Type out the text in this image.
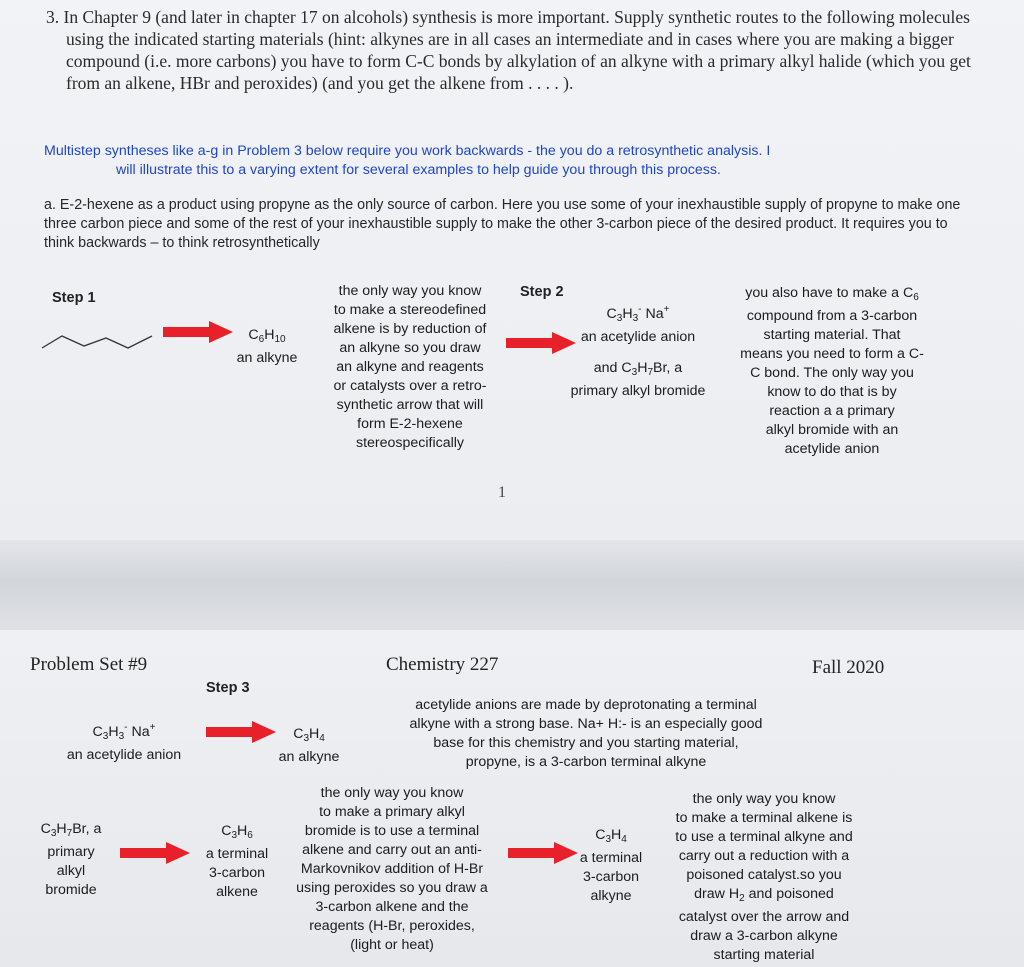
3. In Chapter 9 (and later in chapter 17 on alcohols) synthesis is more important. Supply synthetic routes to the following molecules using the indicated starting materials (hint: alkynes are in all cases an intermediate and in cases where you are making a bigger compound (i.e. more carbons) you have to form C-C bonds by alkylation of an alkyne with a primary alkyl halide (which you get from an alkene, HBr and peroxides) (and you get the alkene from . . . . ).
Multistep syntheses like a-g in Problem 3 below require you work backwards - the you do a retrosynthetic analysis. I
will illustrate this to a varying extent for several examples to help guide you through this process.
a. E-2-hexene as a product using propyne as the only source of carbon. Here you use some of your inexhaustible supply of propyne to make one three carbon piece and some of the rest of your inexhaustible supply to make the other 3-carbon piece of the desired product. It requires you to think backwards – to think retrosynthetically
Step 1
$C_6H_{10}$
an alkyne
the only way you know
to make a stereodefined
alkene is by reduction of
an alkyne so you draw
an alkyne and reagents
or catalysts over a retro-
synthetic arrow that will
form E-2-hexene
stereospecifically
Step 2
$C_3H_3^-$ Na+
an acetylide anion
and $C_3H_7Br$, a
primary alkyl bromide
you also have to make a $C_6$
compound from a 3-carbon
starting material. That
means you need to form a C-
C bond. The only way you
know to do that is by
reaction a a primary
alkyl bromide with an
acetylide anion
1
Problem Set #9	Chemistry 227	Fall 2020
Step 3
$C_3H_3^-$ Na+
an acetylide anion
$C_3H_4$
an alkyne
acetylide anions are made by deprotonating a terminal
alkyne with a strong base. Na+ H:- is an especially good
base for this chemistry and you starting material,
propyne, is a 3-carbon terminal alkyne
$C_3H_7Br$, a
primary
alkyl
bromide
$C_3H_6$
a terminal
3-carbon
alkene
the only way you know
to make a primary alkyl
bromide is to use a terminal
alkene and carry out an anti-
Markovnikov addition of H-Br
using peroxides so you draw a
3-carbon alkene and the
reagents (H-Br, peroxides,
(light or heat)
$C_3H_4$
a terminal
3-carbon
alkyne
the only way you know
to make a terminal alkene is
to use a terminal alkyne and
carry out a reduction with a
poisoned catalyst.so you
draw $H_2$ and poisoned
catalyst over the arrow and
draw a 3-carbon alkyne
starting material
